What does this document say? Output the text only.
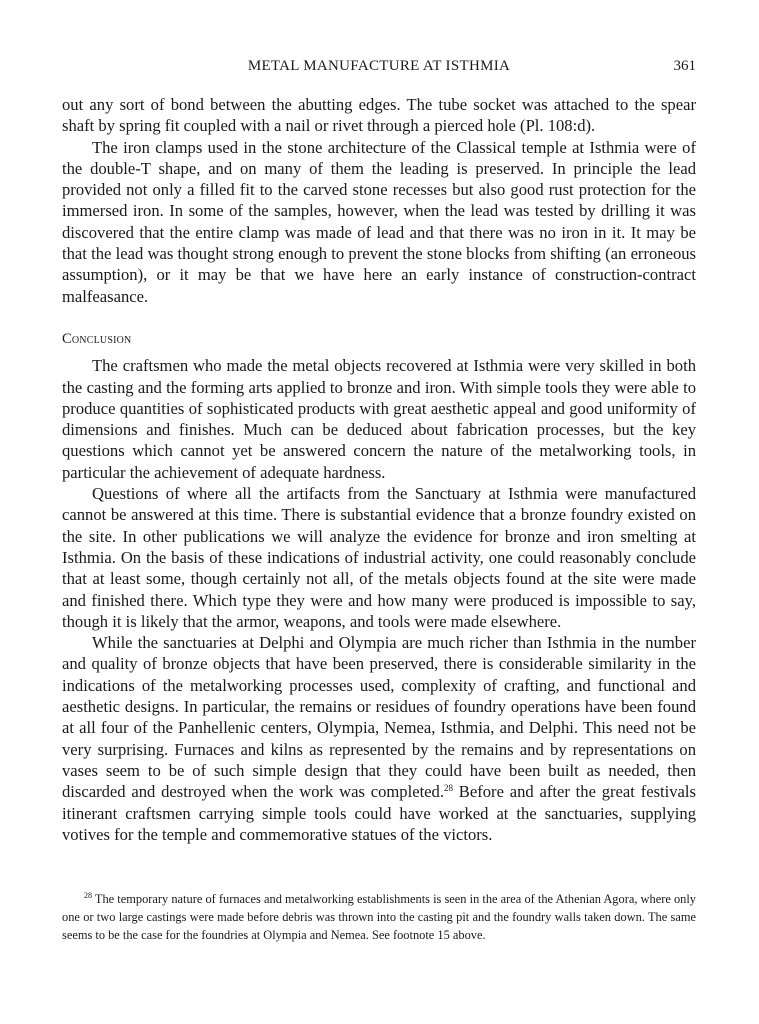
METAL MANUFACTURE AT ISTHMIA	361

out any sort of bond between the abutting edges. The tube socket was attached to the spear shaft by spring fit coupled with a nail or rivet through a pierced hole (Pl. 108:d).

The iron clamps used in the stone architecture of the Classical temple at Isthmia were of the double-T shape, and on many of them the leading is preserved. In principle the lead provided not only a filled fit to the carved stone recesses but also good rust protection for the immersed iron. In some of the samples, however, when the lead was tested by drilling it was discovered that the entire clamp was made of lead and that there was no iron in it. It may be that the lead was thought strong enough to prevent the stone blocks from shifting (an erroneous assumption), or it may be that we have here an early instance of construction-contract malfeasance.

Conclusion

The craftsmen who made the metal objects recovered at Isthmia were very skilled in both the casting and the forming arts applied to bronze and iron. With simple tools they were able to produce quantities of sophisticated products with great aesthetic appeal and good uniformity of dimensions and finishes. Much can be deduced about fabrication processes, but the key questions which cannot yet be answered concern the nature of the metalworking tools, in particular the achievement of adequate hardness.

Questions of where all the artifacts from the Sanctuary at Isthmia were manufactured cannot be answered at this time. There is substantial evidence that a bronze foundry existed on the site. In other publications we will analyze the evidence for bronze and iron smelting at Isthmia. On the basis of these indications of industrial activity, one could reasonably conclude that at least some, though certainly not all, of the metals objects found at the site were made and finished there. Which type they were and how many were produced is impossible to say, though it is likely that the armor, weapons, and tools were made elsewhere.

While the sanctuaries at Delphi and Olympia are much richer than Isthmia in the number and quality of bronze objects that have been preserved, there is considerable similarity in the indications of the metalworking processes used, complexity of crafting, and functional and aesthetic designs. In particular, the remains or residues of foundry operations have been found at all four of the Panhellenic centers, Olympia, Nemea, Isthmia, and Delphi. This need not be very surprising. Furnaces and kilns as represented by the remains and by representations on vases seem to be of such simple design that they could have been built as needed, then discarded and destroyed when the work was completed.$^{28}$ Before and after the great festivals itinerant craftsmen carrying simple tools could have worked at the sanctuaries, supplying votives for the temple and commemorative statues of the victors.

$^{28}$ The temporary nature of furnaces and metalworking establishments is seen in the area of the Athenian Agora, where only one or two large castings were made before debris was thrown into the casting pit and the foundry walls taken down. The same seems to be the case for the foundries at Olympia and Nemea. See footnote 15 above.
